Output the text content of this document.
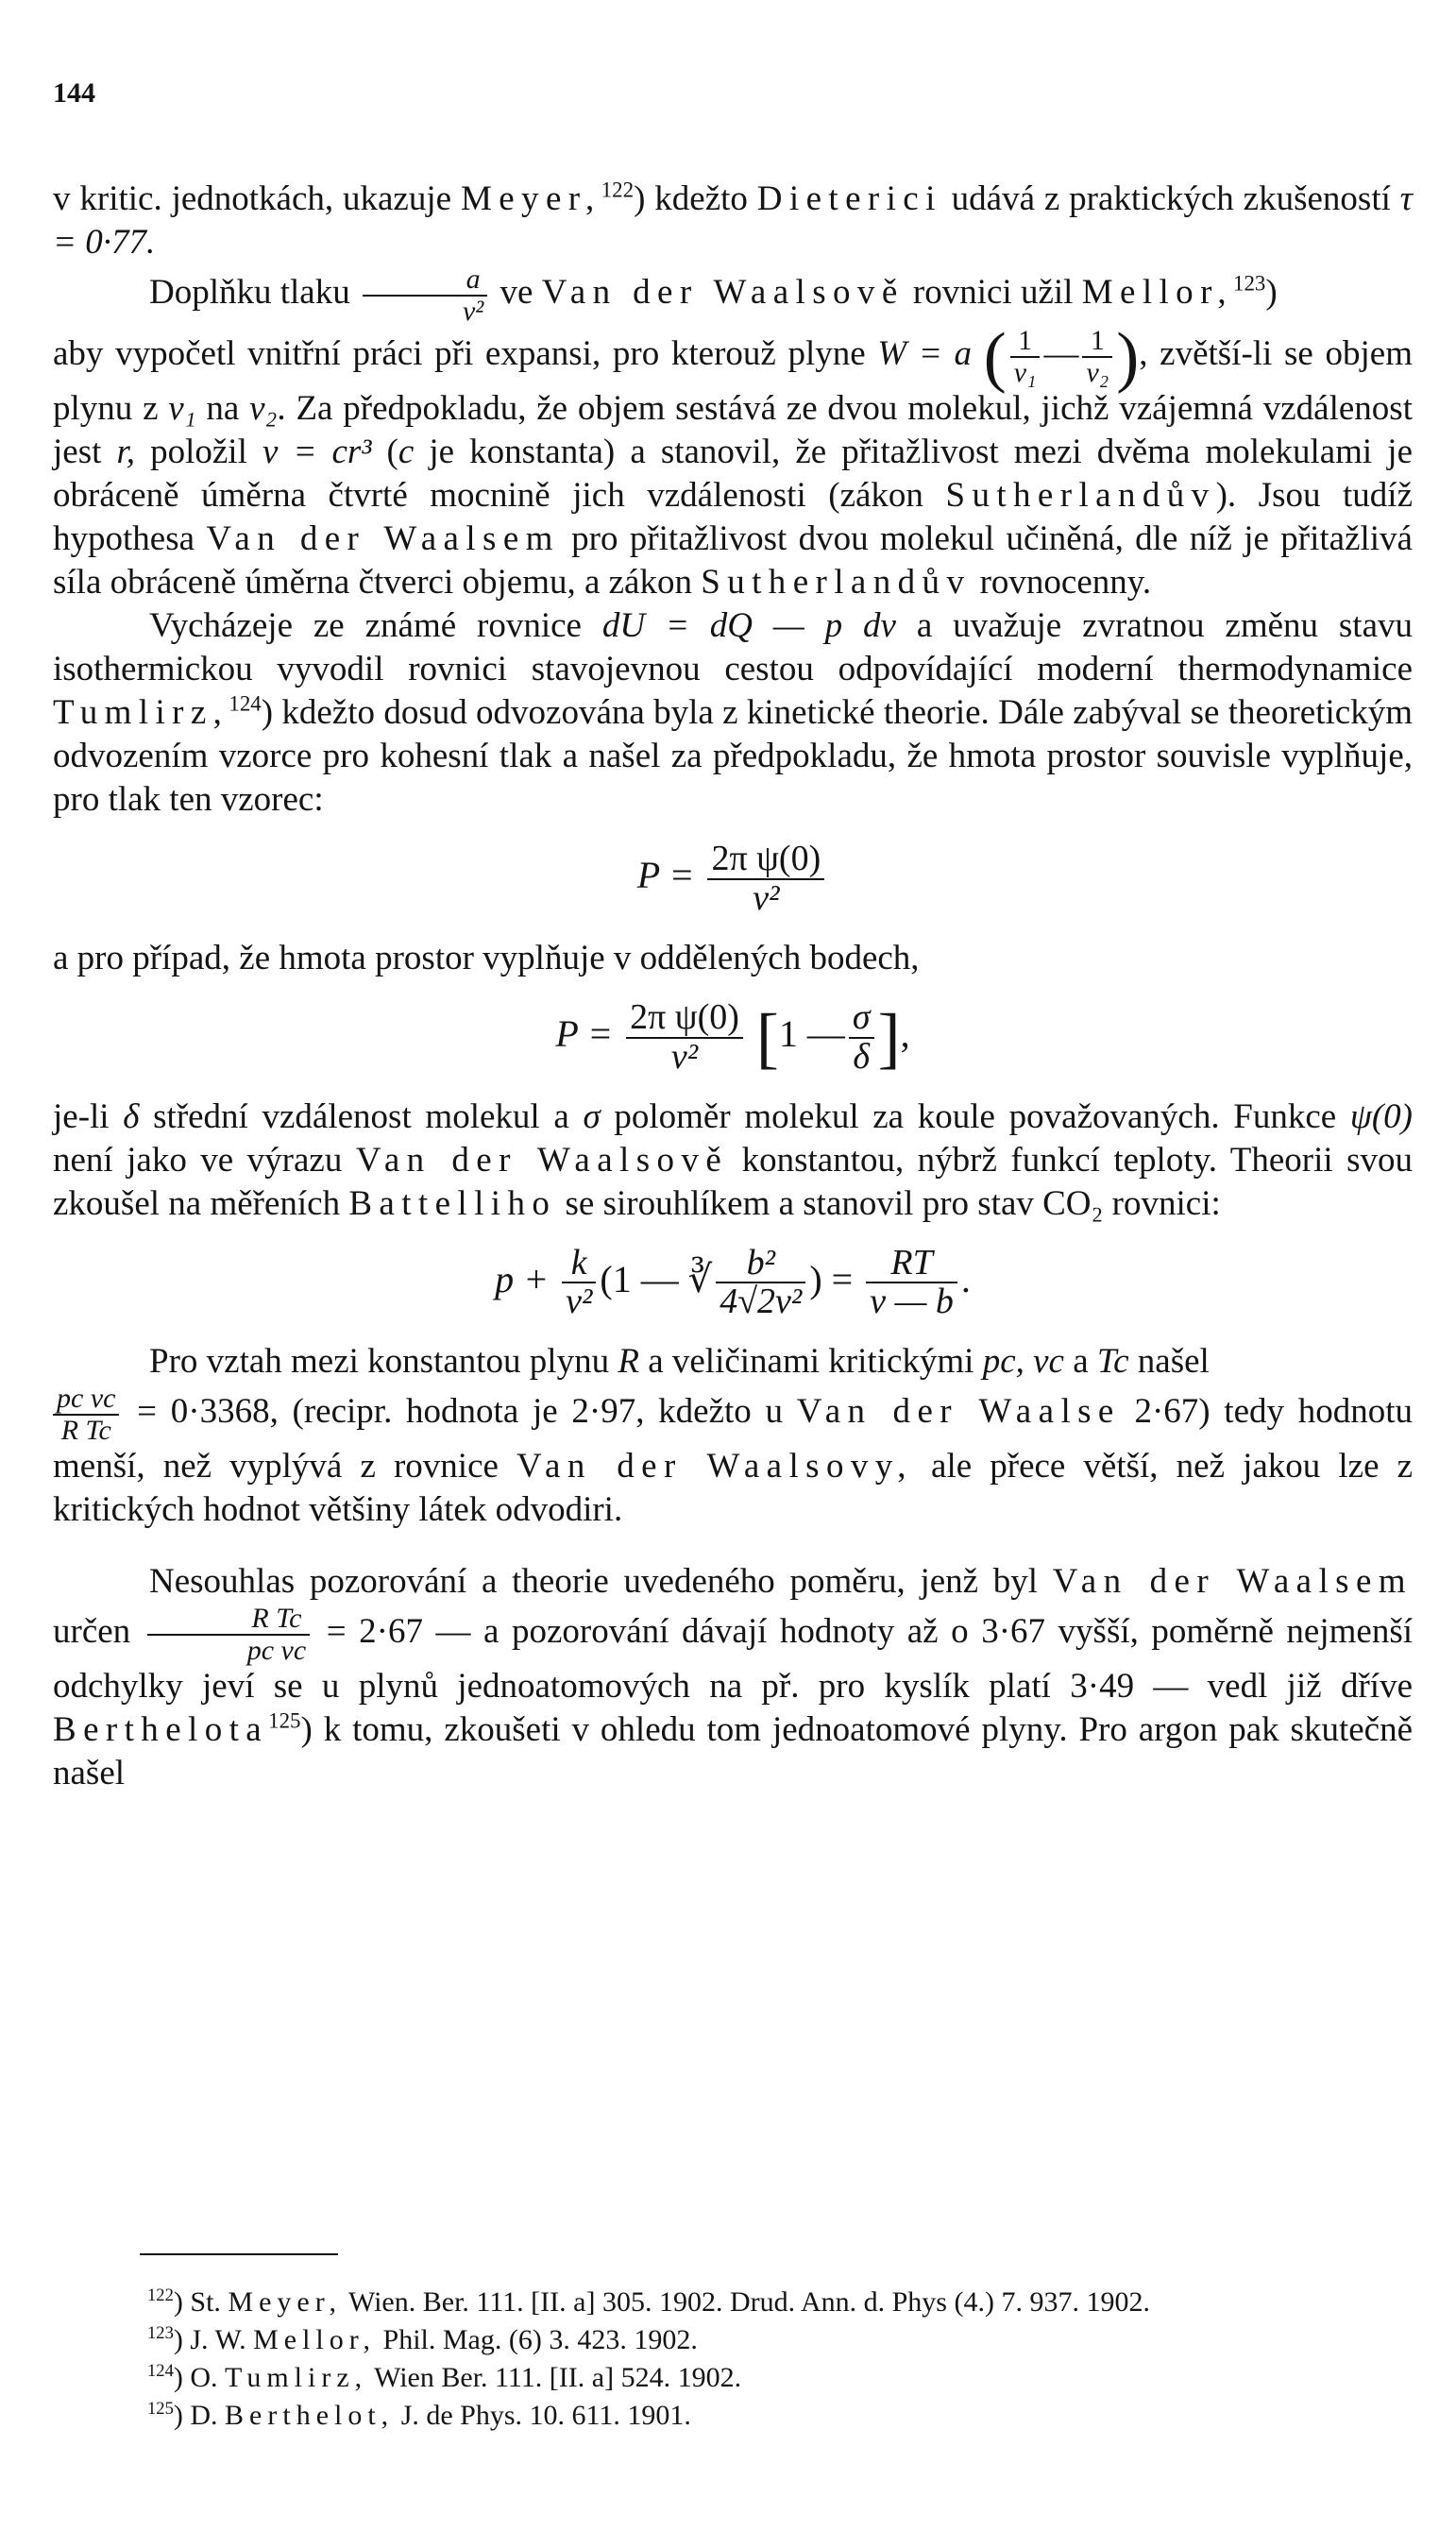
144

v kritic. jednotkách, ukazuje Meyer,$^{122}$) kdežto Dieterici udává z praktických zkušeností τ = 0·77.

Doplňku tlaku $\frac{a}{\text{v²}}$ ve Van der Waalsově rovnici užil Mellor,$^{123}$)

aby vypočetl vnitřní práci při expansi, pro kterouž plyne W = a ( $\frac{1}{\text{v₁}}$ — $\frac{1}{\text{v₂}}$ ), zvětší-li se objem plynu z v₁ na v₂. Za předpokladu, že objem sestává ze dvou molekul, jichž vzájemná vzdálenost jest r, položil v = cr³ (c je konstanta) a stanovil, že přitažlivost mezi dvěma molekulami je obráceně úměrna čtvrté mocnině jich vzdálenosti (zákon Sutherlandův). Jsou tudíž hypothesa Van der Waalsem pro přitažlivost dvou molekul učiněná, dle níž je přitažlivá síla obráceně úměrna čtverci objemu, a zákon Sutherlandův rovnocenny.

Vycházeje ze známé rovnice dU = dQ — p dv a uvažuje zvratnou změnu stavu isothermickou vyvodil rovnici stavojevnou cestou odpovídající moderní thermodynamice Tumlirz,$^{124}$) kdežto dosud odvozována byla z kinetické theorie. Dále zabýval se theoretickým odvozením vzorce pro kohesní tlak a našel za předpokladu, že hmota prostor souvisle vyplňuje, pro tlak ten vzorec:

$P = \frac{\text{2π ψ(0)}}{\text{v²}}$

a pro případ, že hmota prostor vyplňuje v oddělených bodech,

$P = \frac{\text{2π ψ(0)}}{\text{v²}} [1$ — $\frac{\sigma}{\delta}$ ],

je-li δ střední vzdálenost molekul a σ poloměr molekul za koule považovaných. Funkce ψ(0) není jako ve výrazu Van der Waalsově konstantou, nýbrž funkcí teploty. Theorii svou zkoušel na měřeních Battelliho se sirouhlíkem a stanovil pro stav CO₂ rovnici:

$p + \frac{k}{\text{v²}} (1$ — ∛ $\frac{\text{b²}}{\text{4√2v²}}$ ) = $\frac{RT}{v — b}$ .

Pro vztah mezi konstantou plynu R a veličinami kritickými pc, vc a Tc našel

$\frac{\text{pc vc}}{\text{R Tc}} = 0\cdot 3368$, (recipr. hodnota je 2·97, kdežto u Van der Waalse 2·67) tedy hodnotu menší, než vyplývá z rovnice Van der Waalsovy, ale přece větší, než jakou lze z kritických hodnot většiny látek odvodiri.

Nesouhlas pozorování a theorie uvedeného poměru, jenž byl Van der Waalsem určen $\frac{\text{R Tc}}{\text{pc vc}} = 2\cdot 67$ — a pozorování dávají hodnoty až o 3·67 vyšší, poměrně nejmenší odchylky jeví se u plynů jednoatomových na př. pro kyslík platí 3·49 — vedl již dříve Berthelota$^{125}$) k tomu, zkoušeti v ohledu tom jednoatomové plyny. Pro argon pak skutečně našel

$^{122}$) St. Meyer, Wien. Ber. 111. [II. a] 305. 1902. Drud. Ann. d. Phys (4.) 7. 937. 1902.

$^{123}$) J. W. Mellor, Phil. Mag. (6) 3. 423. 1902.

$^{124}$) O. Tumlirz, Wien Ber. 111. [II. a] 524. 1902.

$^{125}$) D. Berthelot, J. de Phys. 10. 611. 1901.
